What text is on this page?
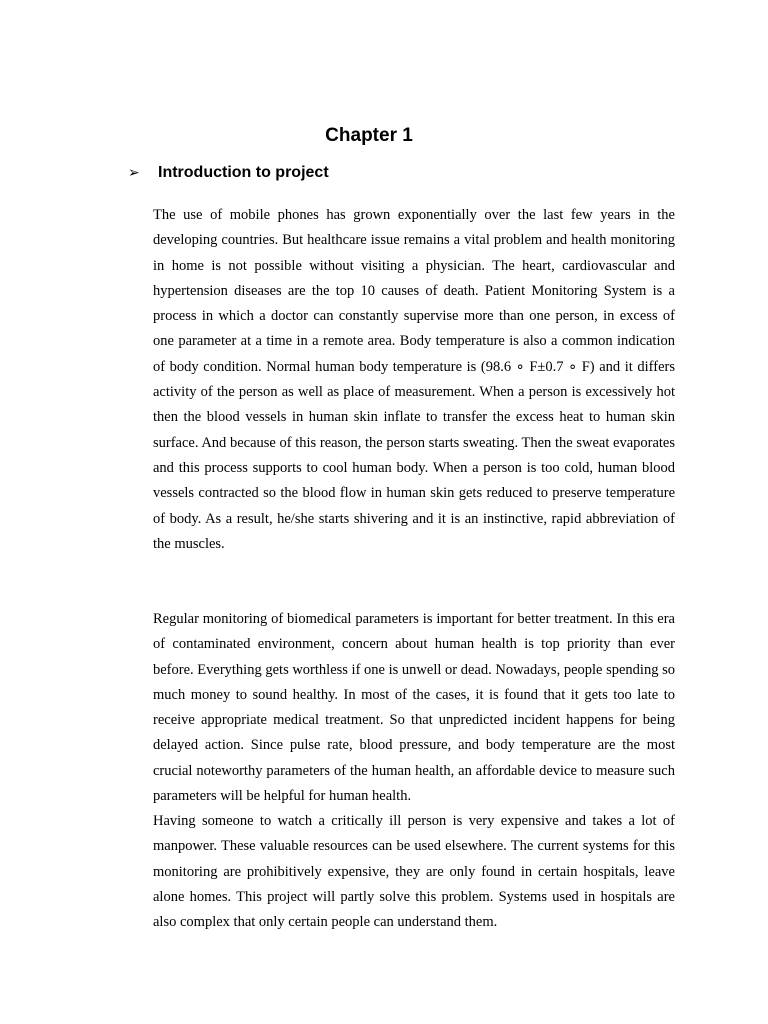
Chapter 1
➢	Introduction to project

The use of mobile phones has grown exponentially over the last few years in the developing countries. But healthcare issue remains a vital problem and health monitoring in home is not possible without visiting a physician. The heart, cardiovascular and hypertension diseases are the top 10 causes of death. Patient Monitoring System is a process in which a doctor can constantly supervise more than one person, in excess of one parameter at a time in a remote area. Body temperature is also a common indication of body condition. Normal human body temperature is (98.6 ∘ F±0.7 ∘ F) and it differs activity of the person as well as place of measurement. When a person is excessively hot then the blood vessels in human skin inflate to transfer the excess heat to human skin surface. And because of this reason, the person starts sweating. Then the sweat evaporates and this process supports to cool human body. When a person is too cold, human blood vessels contracted so the blood flow in human skin gets reduced to preserve temperature of body. As a result, he/she starts shivering and it is an instinctive, rapid abbreviation of the muscles.

Regular monitoring of biomedical parameters is important for better treatment. In this era of contaminated environment, concern about human health is top priority than ever before. Everything gets worthless if one is unwell or dead. Nowadays, people spending so much money to sound healthy. In most of the cases, it is found that it gets too late to receive appropriate medical treatment. So that unpredicted incident happens for being delayed action. Since pulse rate, blood pressure, and body temperature are the most crucial noteworthy parameters of the human health, an affordable device to measure such parameters will be helpful for human health.

Having someone to watch a critically ill person is very expensive and takes a lot of manpower. These valuable resources can be used elsewhere. The current systems for this monitoring are prohibitively expensive, they are only found in certain hospitals, leave alone homes. This project will partly solve this problem. Systems used in hospitals are also complex that only certain people can understand them.
